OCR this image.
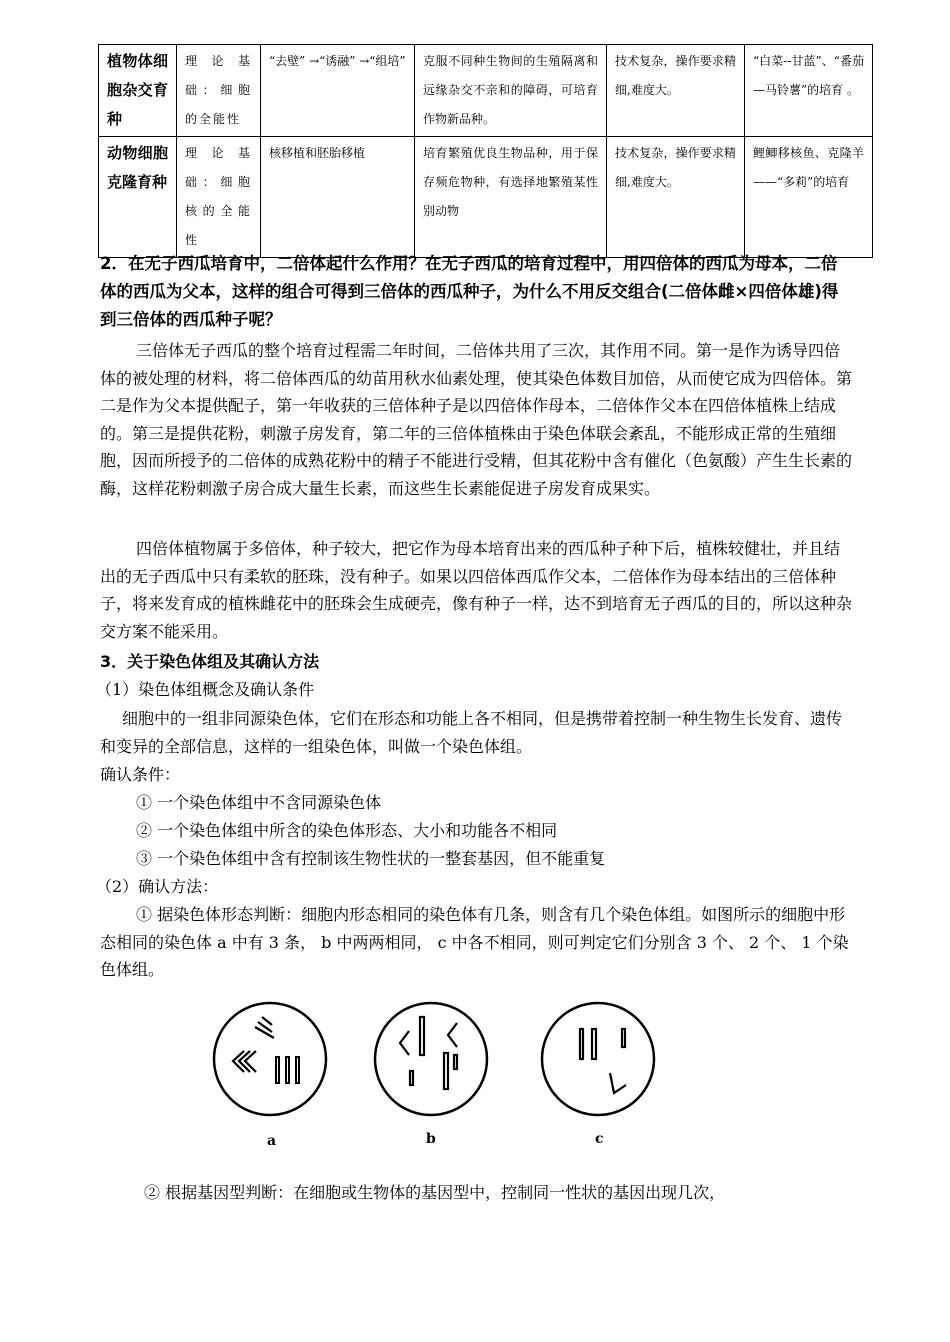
植物体细胞杂交育种	理论基础：细胞的全能性	“去壁” →“诱融” →“组培”	克服不同种生物间的生殖隔离和远缘杂交不亲和的障碍，可培育作物新品种。	技术复杂，操作要求精细,难度大。	“白菜--甘蓝”、“番茄—马铃薯”的培育 。
动物细胞克隆育种	理论基础：细胞核的全能性	核移植和胚胎移植	培育繁殖优良生物品种，用于保存频危物种，有选择地繁殖某性别动物	技术复杂，操作要求精细,难度大。	鲤鲫移核鱼、克隆羊——“多莉”的培育
2．在无子西瓜培育中，二倍体起什么作用？在无子西瓜的培育过程中，用四倍体的西瓜为母本，二倍体的西瓜为父本，这样的组合可得到三倍体的西瓜种子，为什么不用反交组合(二倍体雌×四倍体雄)得到三倍体的西瓜种子呢？
三倍体无子西瓜的整个培育过程需二年时间，二倍体共用了三次，其作用不同。第一是作为诱导四倍体的被处理的材料，将二倍体西瓜的幼苗用秋水仙素处理，使其染色体数目加倍，从而使它成为四倍体。第二是作为父本提供配子，第一年收获的三倍体种子是以四倍体作母本，二倍体作父本在四倍体植株上结成的。第三是提供花粉，刺激子房发育，第二年的三倍体植株由于染色体联会紊乱，不能形成正常的生殖细胞，因而所授予的二倍体的成熟花粉中的精子不能进行受精，但其花粉中含有催化（色氨酸）产生生长素的酶，这样花粉刺激子房合成大量生长素，而这些生长素能促进子房发育成果实。
四倍体植物属于多倍体，种子较大，把它作为母本培育出来的西瓜种子种下后，植株较健壮，并且结出的无子西瓜中只有柔软的胚珠，没有种子。如果以四倍体西瓜作父本，二倍体作为母本结出的三倍体种子，将来发育成的植株雌花中的胚珠会生成硬壳，像有种子一样，达不到培育无子西瓜的目的，所以这种杂交方案不能采用。
3．关于染色体组及其确认方法
（1）染色体组概念及确认条件
细胞中的一组非同源染色体，它们在形态和功能上各不相同，但是携带着控制一种生物生长发育、遗传和变异的全部信息，这样的一组染色体，叫做一个染色体组。
确认条件：
① 一个染色体组中不含同源染色体
② 一个染色体组中所含的染色体形态、大小和功能各不相同
③ 一个染色体组中含有控制该生物性状的一整套基因，但不能重复
（2）确认方法：
① 据染色体形态判断：细胞内形态相同的染色体有几条，则含有几个染色体组。如图所示的细胞中形态相同的染色体 a 中有 3 条， b 中两两相同， c 中各不相同，则可判定它们分别含 3 个、 2 个、 1 个染色体组。
a	b	c
② 根据基因型判断：在细胞或生物体的基因型中，控制同一性状的基因出现几次，
